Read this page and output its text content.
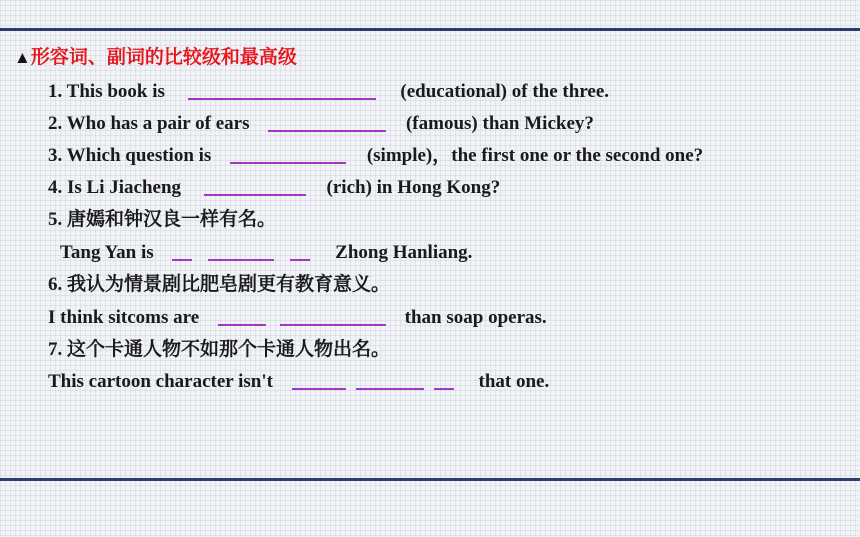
▲形容词、副词的比较级和最高级
1. This book is	(educational) of the three.
2. Who has a pair of ears	(famous) than Mickey?
3. Which question is	(simple)，the first one or the second one?
4. Is Li Jiacheng	(rich) in Hong Kong?
5. 唐嫣和钟汉良一样有名。
Tang Yan is	Zhong Hanliang.
6. 我认为情景剧比肥皂剧更有教育意义。
I think sitcoms are	than soap operas.
7. 这个卡通人物不如那个卡通人物出名。
This cartoon character isn't	that one.
